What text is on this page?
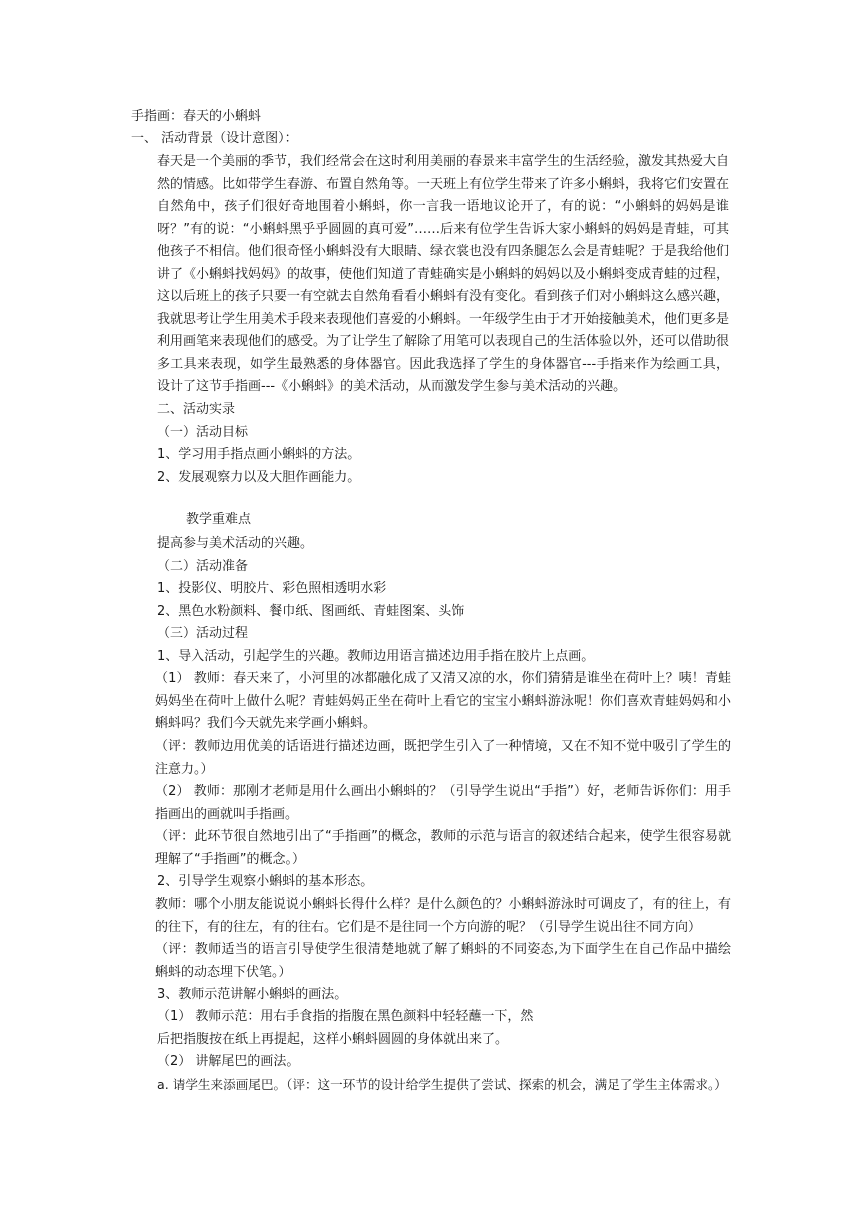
手指画：春天的小蝌蚪
一、 活动背景（设计意图）：
春天是一个美丽的季节，我们经常会在这时利用美丽的春景来丰富学生的生活经验，激发其热爱大自然的情感。比如带学生春游、布置自然角等。一天班上有位学生带来了许多小蝌蚪，我将它们安置在自然角中，孩子们很好奇地围着小蝌蚪，你一言我一语地议论开了，有的说：“小蝌蚪的妈妈是谁呀？”有的说：“小蝌蚪黑乎乎圆圆的真可爱”……后来有位学生告诉大家小蝌蚪的妈妈是青蛙，可其他孩子不相信。他们很奇怪小蝌蚪没有大眼睛、绿衣裳也没有四条腿怎么会是青蛙呢？于是我给他们讲了《小蝌蚪找妈妈》的故事，使他们知道了青蛙确实是小蝌蚪的妈妈以及小蝌蚪变成青蛙的过程，这以后班上的孩子只要一有空就去自然角看看小蝌蚪有没有变化。看到孩子们对小蝌蚪这么感兴趣，我就思考让学生用美术手段来表现他们喜爱的小蝌蚪。一年级学生由于才开始接触美术，他们更多是利用画笔来表现他们的感受。为了让学生了解除了用笔可以表现自己的生活体验以外，还可以借助很多工具来表现，如学生最熟悉的身体器官。因此我选择了学生的身体器官---手指来作为绘画工具，设计了这节手指画---《小蝌蚪》的美术活动，从而激发学生参与美术活动的兴趣。
二、活动实录
（一）活动目标
1、学习用手指点画小蝌蚪的方法。
2、发展观察力以及大胆作画能力。
教学重难点
提高参与美术活动的兴趣。
（二）活动准备
1、投影仪、明胶片、彩色照相透明水彩
2、黑色水粉颜料、餐巾纸、图画纸、青蛙图案、头饰
（三）活动过程
1、导入活动，引起学生的兴趣。教师边用语言描述边用手指在胶片上点画。
（1） 教师：春天来了，小河里的冰都融化成了又清又凉的水，你们猜猜是谁坐在荷叶上？咦！青蛙妈妈坐在荷叶上做什么呢？青蛙妈妈正坐在荷叶上看它的宝宝小蝌蚪游泳呢！你们喜欢青蛙妈妈和小蝌蚪吗？我们今天就先来学画小蝌蚪。
（评：教师边用优美的话语进行描述边画，既把学生引入了一种情境，又在不知不觉中吸引了学生的注意力。）
（2） 教师：那刚才老师是用什么画出小蝌蚪的？（引导学生说出“手指”）好，老师告诉你们：用手指画出的画就叫手指画。
（评：此环节很自然地引出了“手指画”的概念，教师的示范与语言的叙述结合起来，使学生很容易就理解了“手指画”的概念。）
2、引导学生观察小蝌蚪的基本形态。
教师：哪个小朋友能说说小蝌蚪长得什么样？是什么颜色的？小蝌蚪游泳时可调皮了，有的往上，有的往下，有的往左，有的往右。它们是不是往同一个方向游的呢？（引导学生说出往不同方向）
（评：教师适当的语言引导使学生很清楚地就了解了蝌蚪的不同姿态,为下面学生在自己作品中描绘蝌蚪的动态埋下伏笔。）
3、教师示范讲解小蝌蚪的画法。
（1） 教师示范：用右手食指的指腹在黑色颜料中轻轻蘸一下，然
后把指腹按在纸上再提起，这样小蝌蚪圆圆的身体就出来了。
（2） 讲解尾巴的画法。
a. 请学生来添画尾巴。（评：这一环节的设计给学生提供了尝试、探索的机会，满足了学生主体需求。）
